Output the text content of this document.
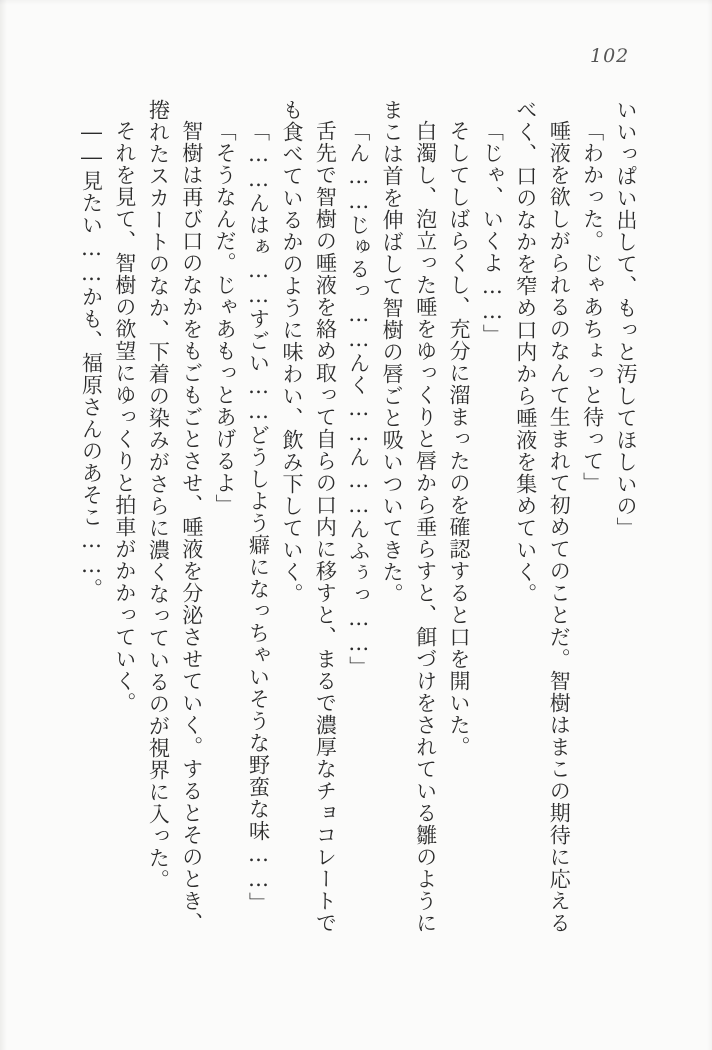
102

いいっぱい出して、もっと汚してほしいの」

「わかった。じゃあちょっと待って」

唾液を欲しがられるのなんて生まれて初めてのことだ。智樹はまこの期待に応えるべく、口のなかを窄め口内から唾液を集めていく。

「じゃ、いくよ……」

そしてしばらくし、充分に溜まったのを確認すると口を開いた。

白濁し、泡立った唾をゆっくりと唇から垂らすと、餌づけをされている雛のようにまこは首を伸ばして智樹の唇ごと吸いついてきた。

「ん……じゅるっ……んく……ん……んふぅっ……」

舌先で智樹の唾液を絡め取って自らの口内に移すと、まるで濃厚なチョコレートでも食べているかのように味わい、飲み下していく。

「……んはぁ……すごい……どうしよう癖になっちゃいそうな野蛮な味……」

「そうなんだ。じゃあもっとあげるよ」

智樹は再び口のなかをもごもごとさせ、唾液を分泌させていく。するとそのとき、捲れたスカートのなか、下着の染みがさらに濃くなっているのが視界に入った。

それを見て、智樹の欲望にゆっくりと拍車がかかっていく。

――見たい……かも、福原さんのあそこ……。
